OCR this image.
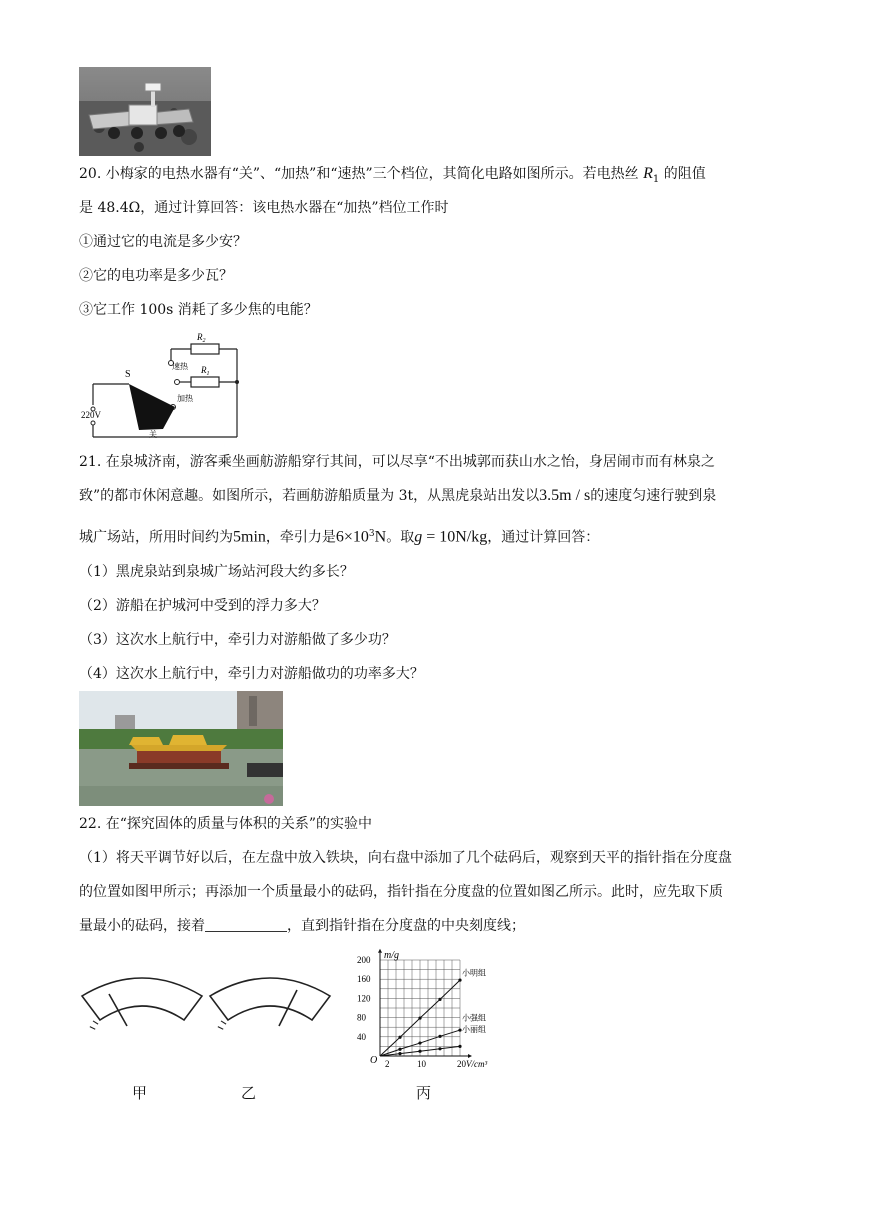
20. 小梅家的电热水器有“关”、“加热”和“速热”三个档位，其简化电路如图所示。若电热丝 $R_1$ 的阻值
是 48.4Ω，通过计算回答：该电热水器在“加热”档位工作时
①通过它的电流是多少安？
②它的电功率是多少瓦？
③它工作 100s 消耗了多少焦的电能？
$R_2$
$R_1$
速热
加热
关
S
220V
21. 在泉城济南，游客乘坐画舫游船穿行其间，可以尽享“不出城郭而获山水之怡，身居闹市而有林泉之
致”的都市休闲意趣。如图所示，若画舫游船质量为 3t，从黑虎泉站出发以3.5m / s的速度匀速行驶到泉
城广场站，所用时间约为5min，牵引力是$6\times 10^3N$。取g = 10N/kg，通过计算回答：
（1）黑虎泉站到泉城广场站河段大约多长？
（2）游船在护城河中受到的浮力多大？
（3）这次水上航行中，牵引力对游船做了多少功？
（4）这次水上航行中，牵引力对游船做功的功率多大？
22. 在“探究固体的质量与体积的关系”的实验中
（1）将天平调节好以后，在左盘中放入铁块，向右盘中添加了几个砝码后，观察到天平的指针指在分度盘
的位置如图甲所示；再添加一个质量最小的砝码，指针指在分度盘的位置如图乙所示。此时，应先取下质
量最小的砝码，接着	，直到指针指在分度盘的中央刻度线；
2	10	20
40
80
120
160
200
O
m/g
V/cm³
小明组
小强组
小丽组
甲	乙	丙
